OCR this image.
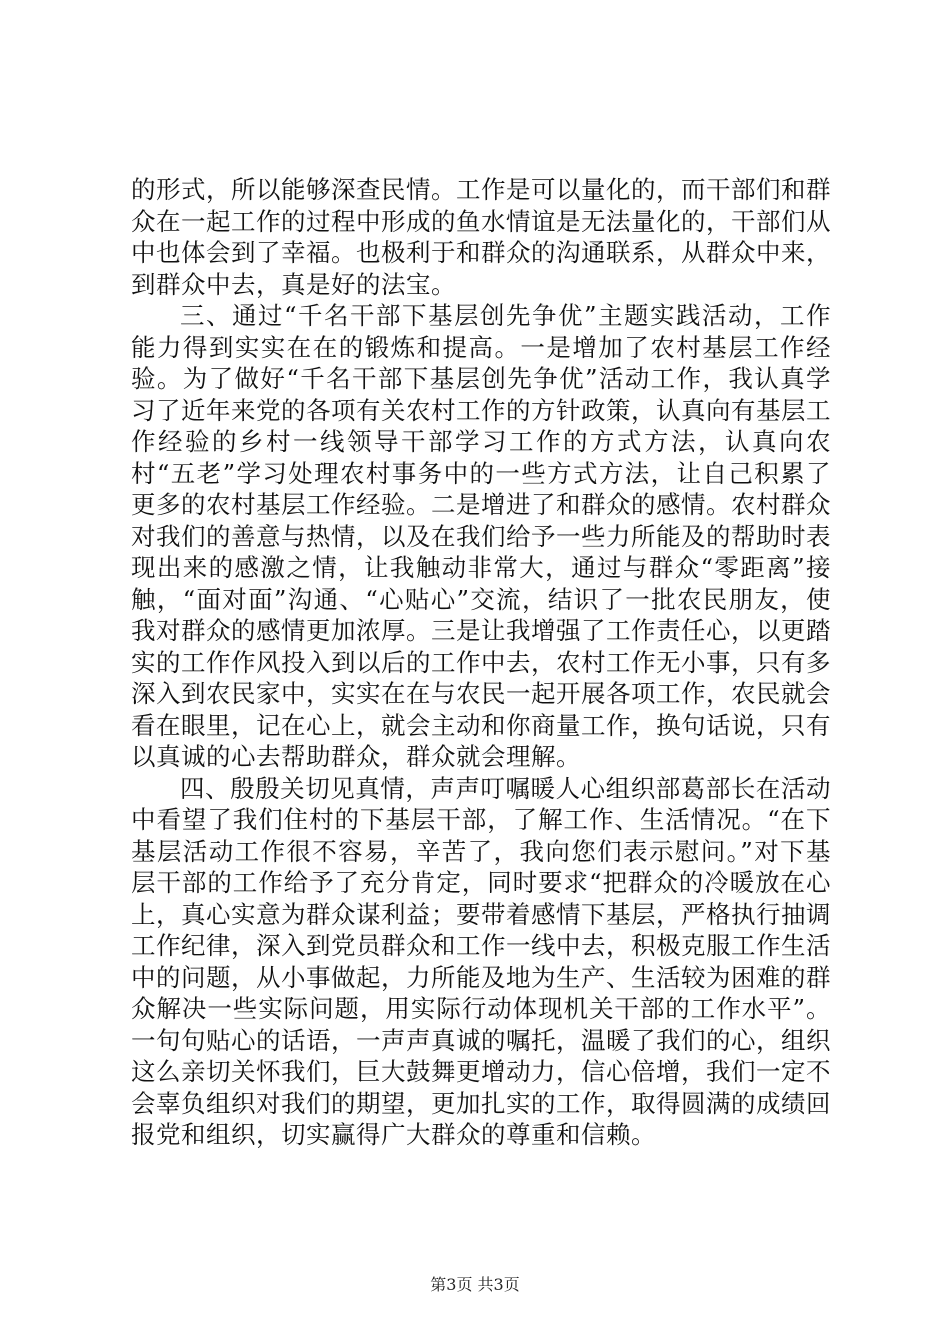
的形式，所以能够深查民情。工作是可以量化的，而干部们和群众在一起工作的过程中形成的鱼水情谊是无法量化的，干部们从中也体会到了幸福。也极利于和群众的沟通联系，从群众中来，到群众中去，真是好的法宝。

三、通过“千名干部下基层创先争优”主题实践活动，工作能力得到实实在在的锻炼和提高。一是增加了农村基层工作经验。为了做好“千名干部下基层创先争优”活动工作，我认真学习了近年来党的各项有关农村工作的方针政策，认真向有基层工作经验的乡村一线领导干部学习工作的方式方法，认真向农村“五老”学习处理农村事务中的一些方式方法，让自己积累了更多的农村基层工作经验。二是增进了和群众的感情。农村群众对我们的善意与热情，以及在我们给予一些力所能及的帮助时表现出来的感激之情，让我触动非常大，通过与群众“零距离”接触，“面对面”沟通、“心贴心”交流，结识了一批农民朋友，使我对群众的感情更加浓厚。三是让我增强了工作责任心，以更踏实的工作作风投入到以后的工作中去，农村工作无小事，只有多深入到农民家中，实实在在与农民一起开展各项工作，农民就会看在眼里，记在心上，就会主动和你商量工作，换句话说，只有以真诚的心去帮助群众，群众就会理解。

四、殷殷关切见真情，声声叮嘱暖人心组织部葛部长在活动中看望了我们住村的下基层干部，了解工作、生活情况。“在下基层活动工作很不容易，辛苦了，我向您们表示慰问。”对下基层干部的工作给予了充分肯定，同时要求“把群众的冷暖放在心上，真心实意为群众谋利益；要带着感情下基层，严格执行抽调工作纪律，深入到党员群众和工作一线中去，积极克服工作生活中的问题，从小事做起，力所能及地为生产、生活较为困难的群众解决一些实际问题，用实际行动体现机关干部的工作水平”。一句句贴心的话语，一声声真诚的嘱托，温暖了我们的心，组织这么亲切关怀我们，巨大鼓舞更增动力，信心倍增，我们一定不会辜负组织对我们的期望，更加扎实的工作，取得圆满的成绩回报党和组织，切实赢得广大群众的尊重和信赖。

第3页 共3页
